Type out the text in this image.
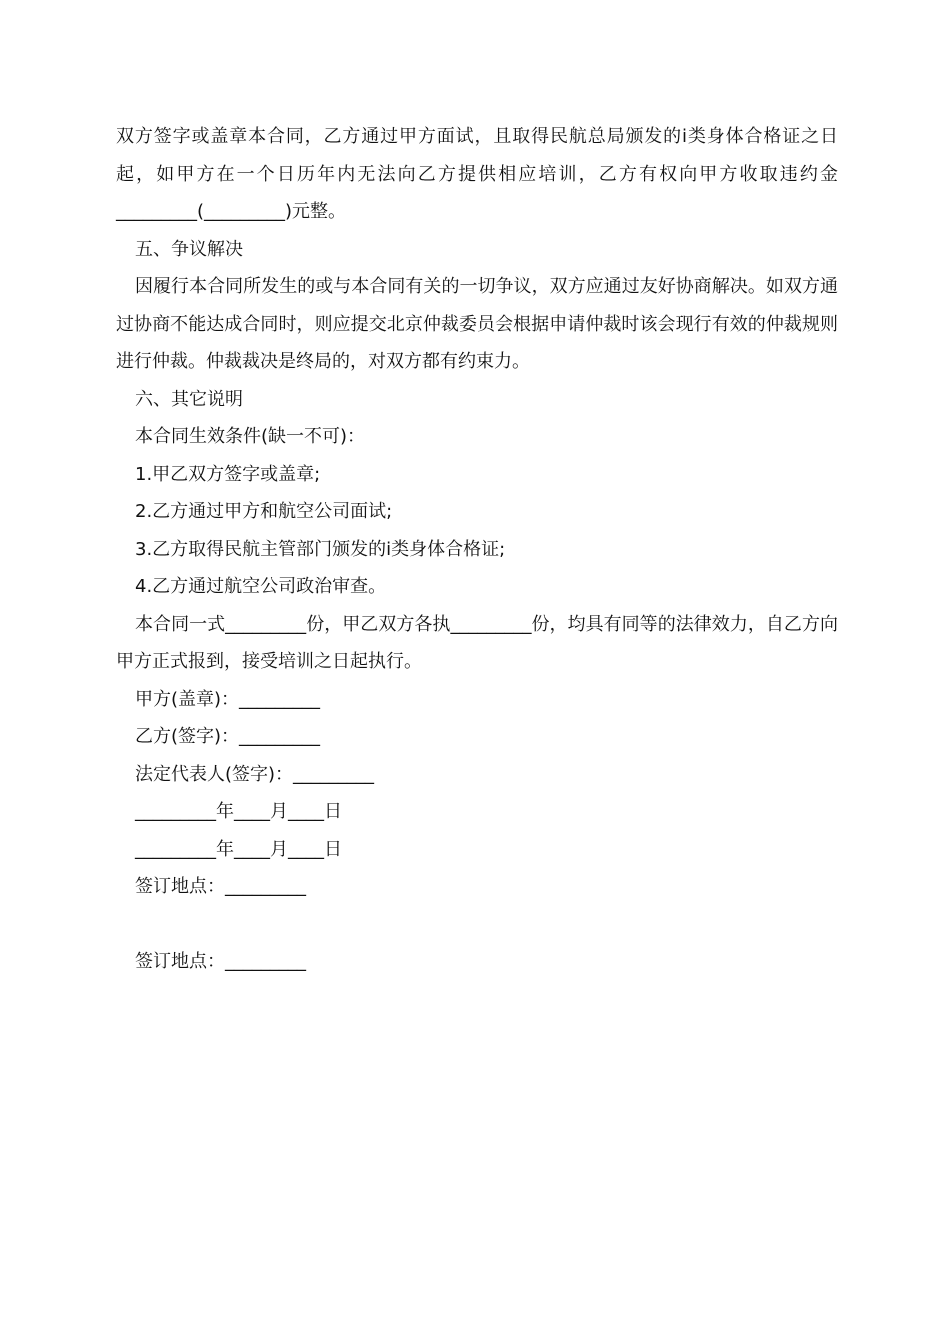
双方签字或盖章本合同，乙方通过甲方面试，且取得民航总局颁发的ⅰ类身体合格证之日起，如甲方在一个日历年内无法向乙方提供相应培训，乙方有权向甲方收取违约金_________(_________)元整。

五、争议解决

因履行本合同所发生的或与本合同有关的一切争议，双方应通过友好协商解决。如双方通过协商不能达成合同时，则应提交北京仲裁委员会根据申请仲裁时该会现行有效的仲裁规则进行仲裁。仲裁裁决是终局的，对双方都有约束力。

六、其它说明

本合同生效条件(缺一不可)：

1.甲乙双方签字或盖章;

2.乙方通过甲方和航空公司面试;

3.乙方取得民航主管部门颁发的ⅰ类身体合格证;

4.乙方通过航空公司政治审查。

本合同一式_________份，甲乙双方各执_________份，均具有同等的法律效力，自乙方向甲方正式报到，接受培训之日起执行。

甲方(盖章)：_________

乙方(签字)：_________

法定代表人(签字)：_________

_________年____月____日

_________年____月____日

签订地点：_________

签订地点：_________
